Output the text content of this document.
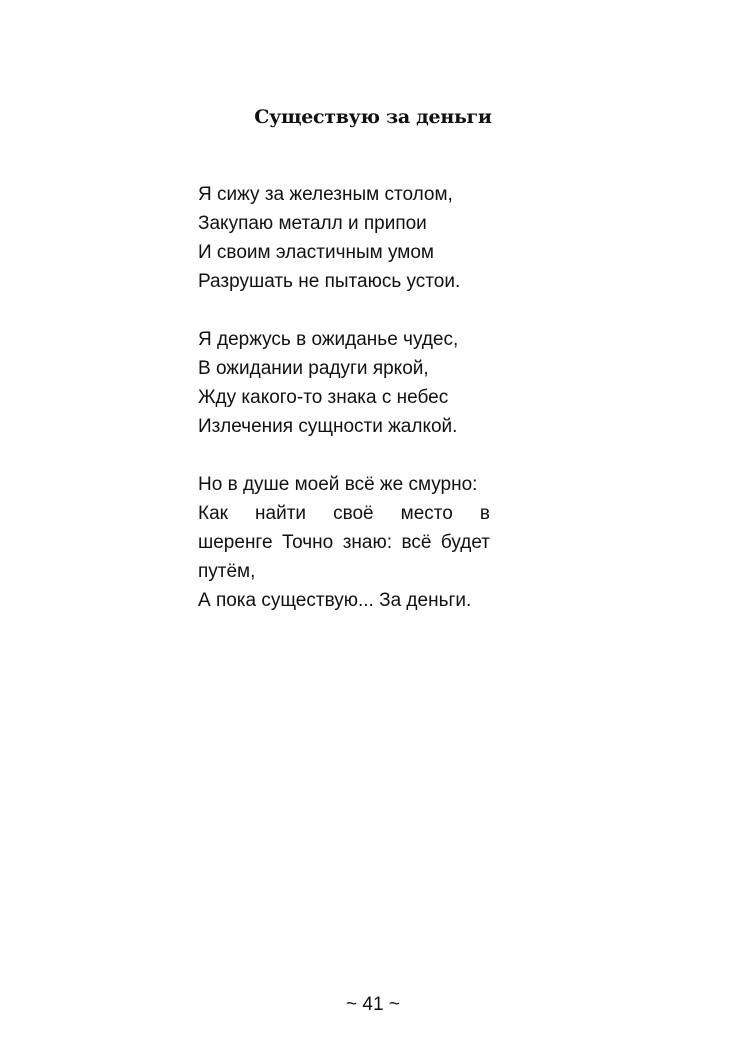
Существую за деньги
Я сижу за железным столом,
Закупаю металл и припои
И своим эластичным умом
Разрушать не пытаюсь устои.
Я держусь в ожиданье чудес,
В ожидании радуги яркой,
Жду какого-то знака с небес
Излечения сущности жалкой.
Но в душе моей всё же смурно:
Как найти своё место в
шеренге Точно знаю: всё будет
путём,
А пока существую... За деньги.
~ 41 ~
